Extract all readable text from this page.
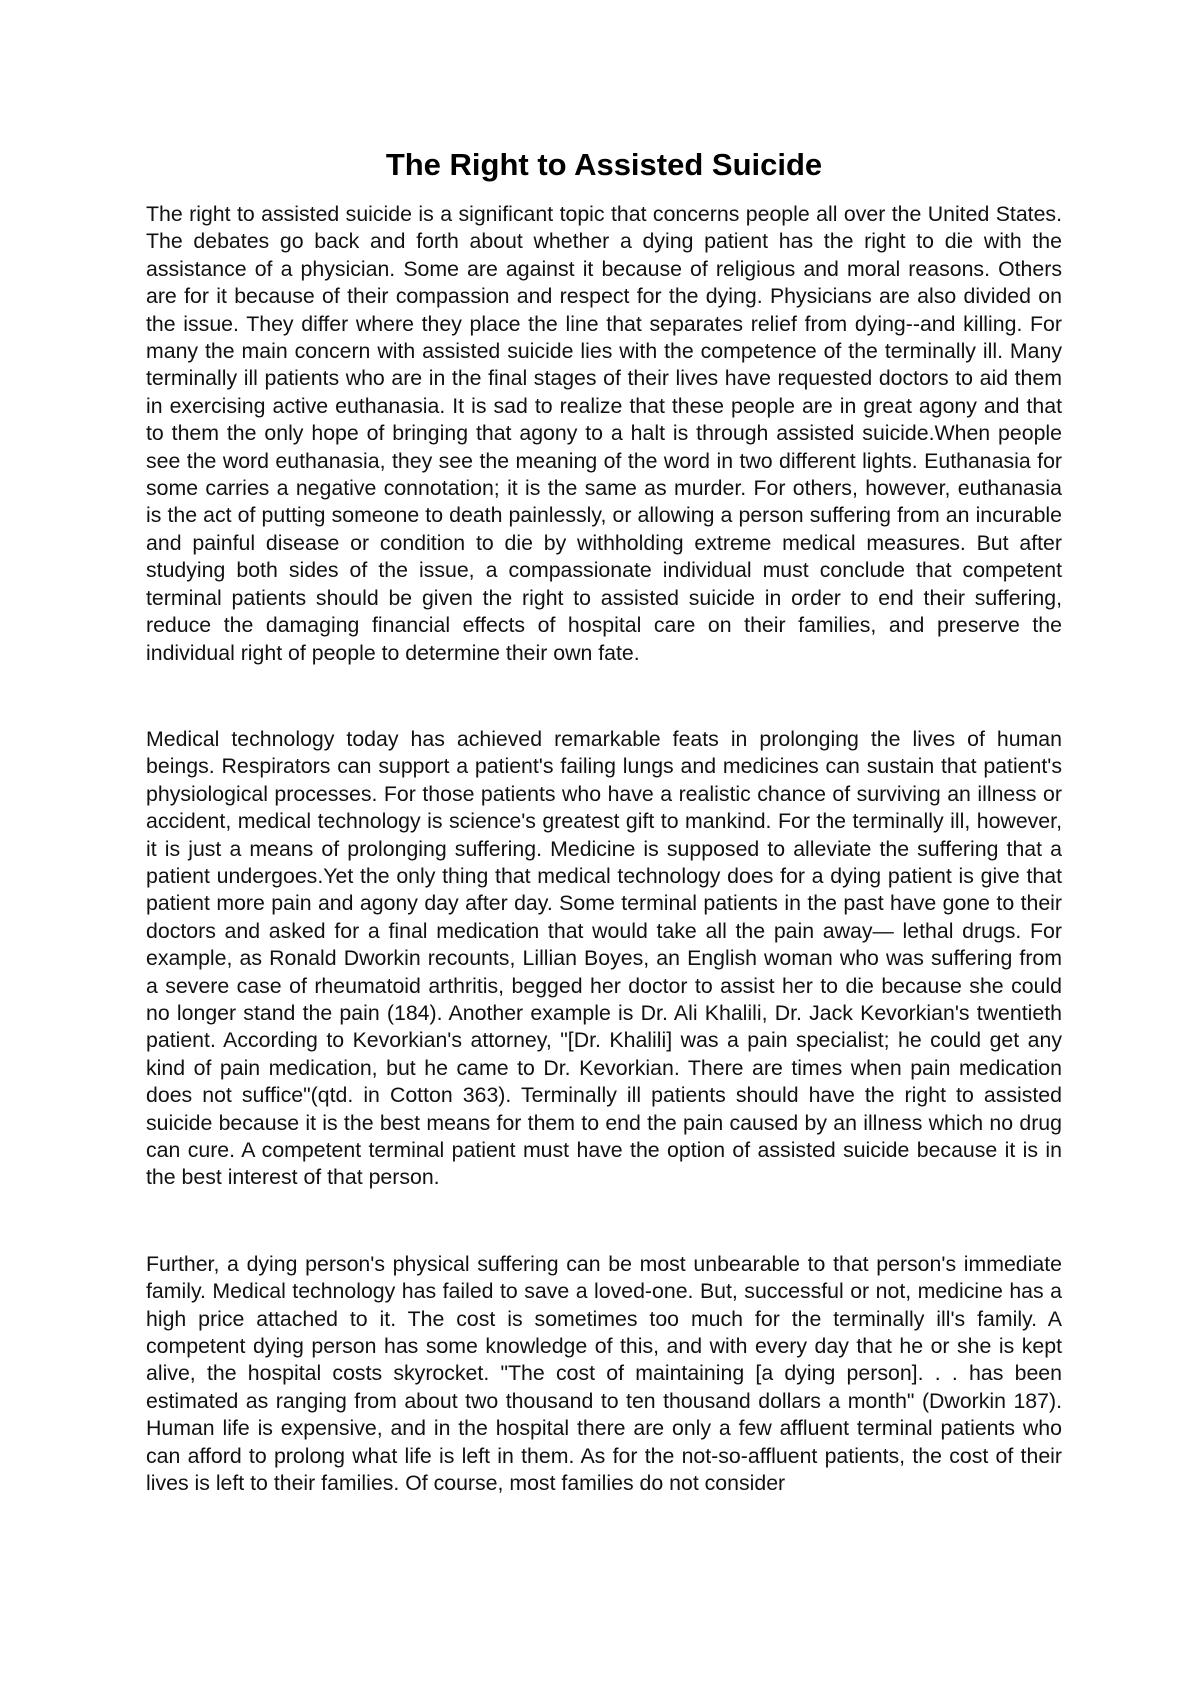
The Right to Assisted Suicide

The right to assisted suicide is a significant topic that concerns people all over the United States. The debates go back and forth about whether a dying patient has the right to die with the assistance of a physician. Some are against it because of religious and moral reasons. Others are for it because of their compassion and respect for the dying. Physicians are also divided on the issue. They differ where they place the line that separates relief from dying--and killing. For many the main concern with assisted suicide lies with the competence of the terminally ill. Many terminally ill patients who are in the final stages of their lives have requested doctors to aid them in exercising active euthanasia. It is sad to realize that these people are in great agony and that to them the only hope of bringing that agony to a halt is through assisted suicide.When people see the word euthanasia, they see the meaning of the word in two different lights. Euthanasia for some carries a negative connotation; it is the same as murder. For others, however, euthanasia is the act of putting someone to death painlessly, or allowing a person suffering from an incurable and painful disease or condition to die by withholding extreme medical measures. But after studying both sides of the issue, a compassionate individual must conclude that competent terminal patients should be given the right to assisted suicide in order to end their suffering, reduce the damaging financial effects of hospital care on their families, and preserve the individual right of people to determine their own fate.

Medical technology today has achieved remarkable feats in prolonging the lives of human beings. Respirators can support a patient's failing lungs and medicines can sustain that patient's physiological processes. For those patients who have a realistic chance of surviving an illness or accident, medical technology is science's greatest gift to mankind. For the terminally ill, however, it is just a means of prolonging suffering. Medicine is supposed to alleviate the suffering that a patient undergoes.Yet the only thing that medical technology does for a dying patient is give that patient more pain and agony day after day. Some terminal patients in the past have gone to their doctors and asked for a final medication that would take all the pain away— lethal drugs. For example, as Ronald Dworkin recounts, Lillian Boyes, an English woman who was suffering from a severe case of rheumatoid arthritis, begged her doctor to assist her to die because she could no longer stand the pain (184). Another example is Dr. Ali Khalili, Dr. Jack Kevorkian's twentieth patient. According to Kevorkian's attorney, "[Dr. Khalili] was a pain specialist; he could get any kind of pain medication, but he came to Dr. Kevorkian. There are times when pain medication does not suffice"(qtd. in Cotton 363). Terminally ill patients should have the right to assisted suicide because it is the best means for them to end the pain caused by an illness which no drug can cure. A competent terminal patient must have the option of assisted suicide because it is in the best interest of that person.

Further, a dying person's physical suffering can be most unbearable to that person's immediate family. Medical technology has failed to save a loved-one. But, successful or not, medicine has a high price attached to it. The cost is sometimes too much for the terminally ill's family. A competent dying person has some knowledge of this, and with every day that he or she is kept alive, the hospital costs skyrocket. "The cost of maintaining [a dying person]. . . has been estimated as ranging from about two thousand to ten thousand dollars a month" (Dworkin 187). Human life is expensive, and in the hospital there are only a few affluent terminal patients who can afford to prolong what life is left in them. As for the not-so-affluent patients, the cost of their lives is left to their families. Of course, most families do not consider
